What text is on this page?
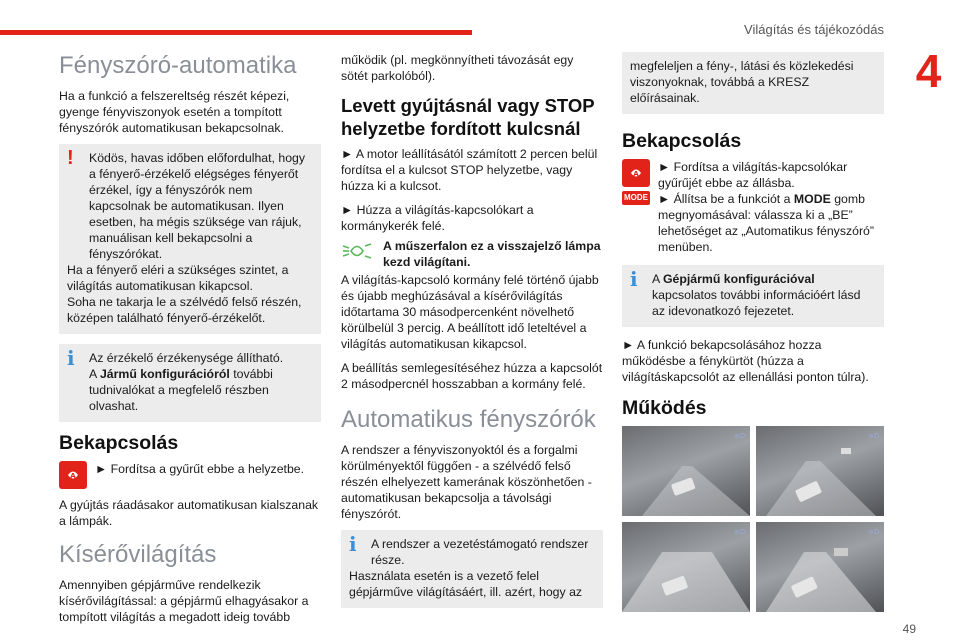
Világítás és tájékozódás
4
Fényszóró-automatika

Ha a funkció a felszereltség részét képezi, gyenge fényviszonyok esetén a tompított fényszórók automatikusan bekapcsolnak.

!	Ködös, havas időben előfordulhat, hogy a fényerő-érzékelő elégséges fényerőt érzékel, így a fényszórók nem kapcsolnak be automatikusan. Ilyen esetben, ha mégis szüksége van rájuk, manuálisan kell bekapcsolni a fényszórókat.
Ha a fényerő eléri a szükséges szintet, a világítás automatikusan kikapcsol.
Soha ne takarja le a szélvédő felső részén, középen található fényerő-érzékelőt.
i	Az érzékelő érzékenysége állítható.
A Jármű konfigurációról további tudnivalókat a megfelelő részben olvashat.
Bekapcsolás
A ► Fordítsa a gyűrűt ebbe a helyzetbe.

A gyújtás ráadásakor automatikusan kialszanak a lámpák.

Kísérővilágítás

Amennyiben gépjárműve rendelkezik kísérővilágítással: a gépjármű elhagyásakor a tompított világítás a megadott ideig tovább

működik (pl. megkönnyítheti távozását egy sötét parkolóból).

Levett gyújtásnál vagy STOP helyzetbe fordított kulcsnál

► A motor leállításától számított 2 percen belül fordítsa el a kulcsot STOP helyzetbe, vagy húzza ki a kulcsot.

► Húzza a világítás-kapcsolókart a kormánykerék felé.

A műszerfalon ez a visszajelző lámpa kezd világítani.

A világítás-kapcsoló kormány felé történő újabb és újabb meghúzásával a kísérővilágítás időtartama 30 másodpercenként növelhető körülbelül 3 percig. A beállított idő leteltével a világítás automatikusan kikapcsol.

A beállítás semlegesítéséhez húzza a kapcsolót 2 másodpercnél hosszabban a kormány felé.

Automatikus fényszórók

A rendszer a fényviszonyoktól és a forgalmi körülményektől függően - a szélvédő felső részén elhelyezett kamerának köszönhetően - automatikusan bekapcsolja a távolsági fényszórót.

i	A rendszer a vezetéstámogató rendszer része.
Használata esetén is a vezető felel gépjárműve világításáért, ill. azért, hogy az
megfeleljen a fény-, látási és közlekedési viszonyoknak, továbbá a KRESZ előírásainak.
Bekapcsolás
A
MODE
► Fordítsa a világítás-kapcsolókar gyűrűjét ebbe az állásba.
► Állítsa be a funkciót a MODE gomb megnyomásával: válassza ki a „BE” lehetőséget az „Automatikus fényszóró” menüben.
i	A Gépjármű konfigurációval kapcsolatos további információért lásd az idevonatkozó fejezetet.

► A funkció bekapcsolásához hozza működésbe a fénykürtöt (húzza a világításkapcsolót az ellenállási ponton túlra).

Működés
≡D	≡D
≡D	≡D
49
